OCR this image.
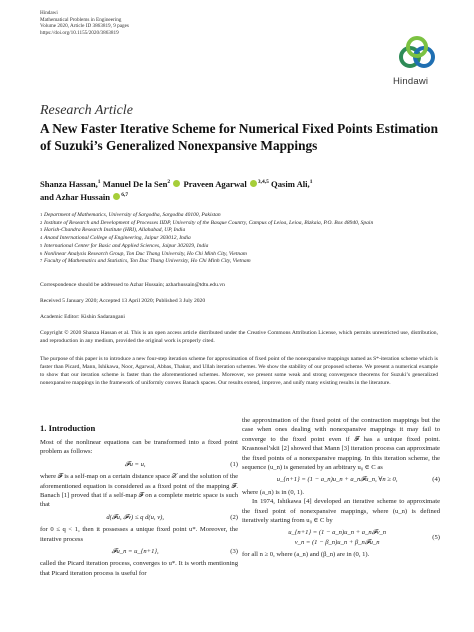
Hindawi
Mathematical Problems in Engineering
Volume 2020, Article ID 3863819, 9 pages
https://doi.org/10.1155/2020/3863819
Hindawi
Research Article
A New Faster Iterative Scheme for Numerical Fixed Points Estimation of Suzuki’s Generalized Nonexpansive Mappings
Shanza Hassan,$^1$ Manuel De la Sen$^2$ Praveen Agarwal $^{3,4,5}$ Qasim Ali,$^1$
and Azhar Hussain $^{6,7}$
1 Department of Mathematics, University of Sargodha, Sargodha 40100, Pakistan
2 Institute of Research and Development of Processes IIDP, University of the Basque Country, Campus of Leioa, Leioa, Bizkaia, P.O. Box 48940, Spain
3 Harish-Chandra Research Institute (HRI), Allahabad, UP, India
4 Anand International College of Engineering, Jaipur 303012, India
5 International Center for Basic and Applied Sciences, Jaipur 302029, India
6 Nonlinear Analysis Research Group, Ton Duc Thang University, Ho Chi Minh City, Vietnam
7 Faculty of Mathematics and Statistics, Ton Duc Thang University, Ho Chi Minh City, Vietnam
Correspondence should be addressed to Azhar Hussain; azharhussain@tdtu.edu.vn
Received 5 January 2020; Accepted 13 April 2020; Published 3 July 2020
Academic Editor: Kishin Sadarangani
Copyright © 2020 Shanza Hassan et al. This is an open access article distributed under the Creative Commons Attribution License, which permits unrestricted use, distribution, and reproduction in any medium, provided the original work is properly cited.
The purpose of this paper is to introduce a new four-step iteration scheme for approximation of fixed point of the nonexpansive mappings named as S*-iteration scheme which is faster than Picard, Mann, Ishikawa, Noor, Agarwal, Abbas, Thakur, and Ullah iteration schemes. We show the stability of our proposed scheme. We present a numerical example to show that our iteration scheme is faster than the aforementioned schemes. Moreover, we present some weak and strong convergence theorems for Suzuki’s generalized nonexpansive mappings in the framework of uniformly convex Banach spaces. Our results extend, improve, and unify many existing results in the literature.
1. Introduction

Most of the nonlinear equations can be transformed into a fixed point problem as follows:

𝓕u = u,	(1)

where 𝓕 is a self-map on a certain distance space 𝒳 and the solution of the aforementioned equation is considered as a fixed point of the mapping 𝓕. Banach [1] proved that if a self-map 𝓕 on a complete metric space is such that

d(𝓕u, 𝓕v) ≤ q d(u, v),	(2)

for 0 ≤ q < 1, then it possesses a unique fixed point u*. Moreover, the iterative process

𝓕u_n = u_{n+1},	(3)

called the Picard iteration process, converges to u*. It is worth mentioning that Picard iteration process is useful for

the approximation of the fixed point of the contraction mappings but the case when ones dealing with nonexpansive mappings it may fail to converge to the fixed point even if 𝓕 has a unique fixed point. Krasnosel’skii [2] showed that Mann [3] iteration process can approximate the fixed points of a nonexpansive mapping. In this iteration scheme, the sequence (u_n) is generated by an arbitrary u₀ ∈ C as

u_{n+1} = (1 − a_n)u_n + a_n𝓕u_n, ∀n ≥ 0,	(4)

where (a_n) is in (0, 1).

In 1974, Ishikawa [4] developed an iterative scheme to approximate the fixed point of nonexpansive mappings, where (u_n) is defined iteratively starting from u₀ ∈ C by

u_{n+1} = (1 − a_n)u_n + a_n𝓕v_n
v_n = (1 − β_n)u_n + β_n𝓕u_n
(5)

for all n ≥ 0, where (a_n) and (β_n) are in (0, 1).
